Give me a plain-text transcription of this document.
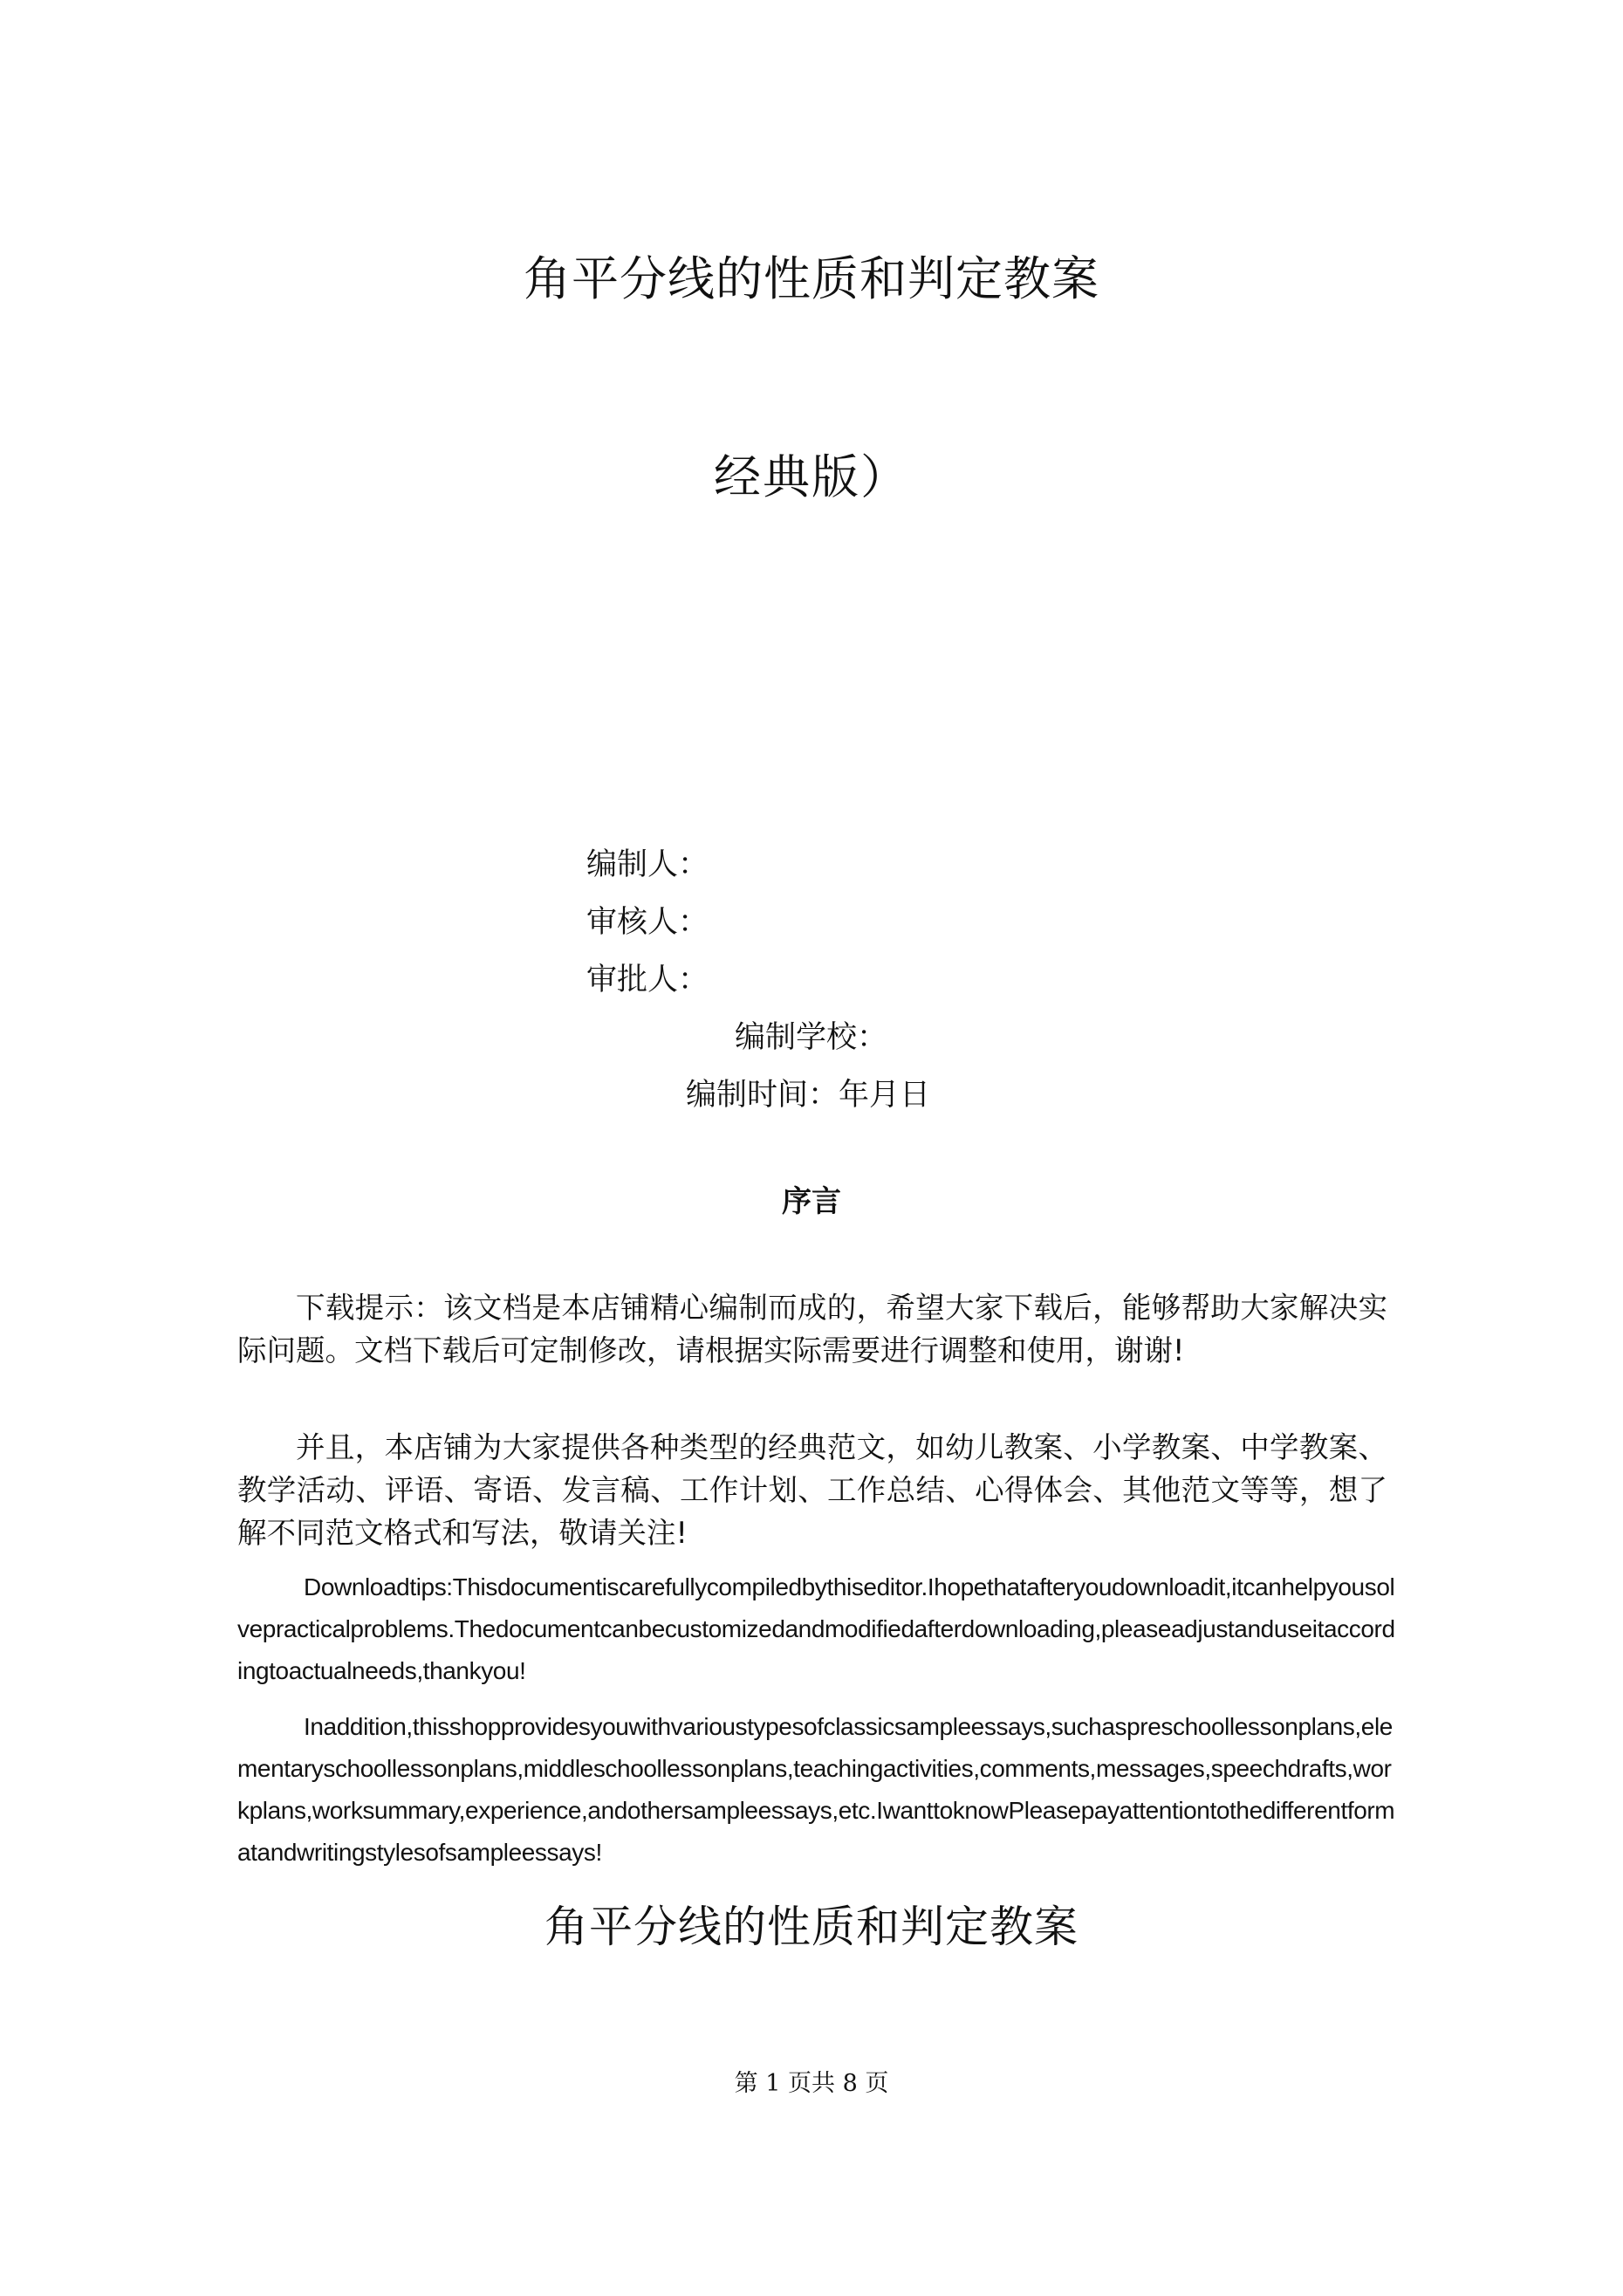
角平分线的性质和判定教案
经典版）
编制人：
审核人：
审批人：
编制学校：
编制时间：年月日
序言
下载提示：该文档是本店铺精心编制而成的，希望大家下载后，能够帮助大家解决实际问题。文档下载后可定制修改，请根据实际需要进行调整和使用，谢谢!
并且，本店铺为大家提供各种类型的经典范文，如幼儿教案、小学教案、中学教案、教学活动、评语、寄语、发言稿、工作计划、工作总结、心得体会、其他范文等等，想了解不同范文格式和写法，敬请关注!
Downloadtips:Thisdocumentiscarefullycompiledbythiseditor.Ihopethatafteryoudownloadit,itcanhelpyousolvepracticalproblems.Thedocumentcanbecustomizedandmodifiedafterdownloading,pleaseadjustanduseitaccordingtoactualneeds,thankyou!
Inaddition,thisshopprovidesyouwithvarioustypesofclassicsampleessays,suchaspreschoollessonplans,elementaryschoollessonplans,middleschoollessonplans,teachingactivities,comments,messages,speechdrafts,workplans,worksummary,experience,andothersampleessays,etc.IwanttoknowPleasepayattentiontothedifferentformatandwritingstylesofsampleessays!
角平分线的性质和判定教案
第 1 页共 8 页
